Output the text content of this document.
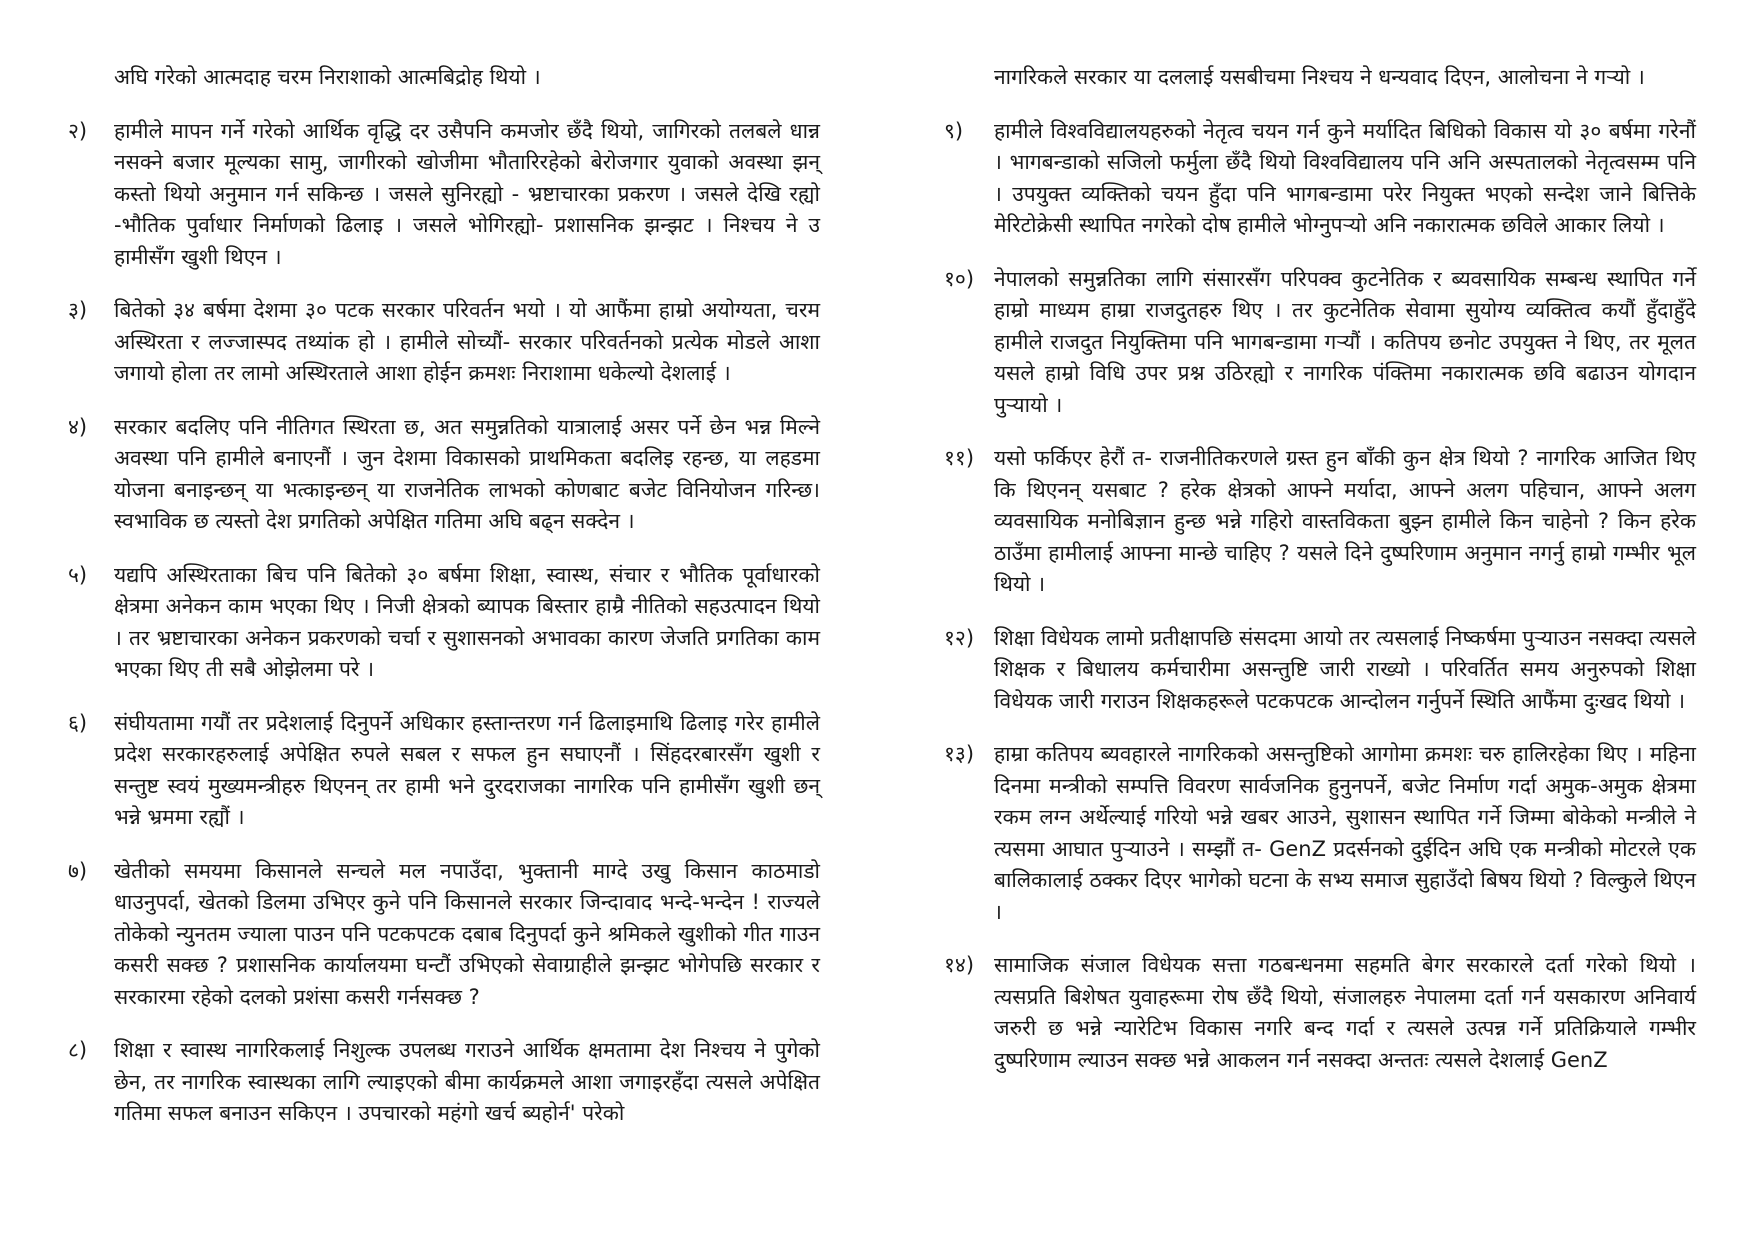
अघि गरेको आत्मदाह चरम निराशाको आत्मबिद्रोह थियो ।
२)	हामीले मापन गर्ने गरेको आर्थिक वृद्धि दर उसैपनि कमजोर छँदै थियो, जागिरको तलबले धान्न नसक्ने बजार मूल्यका सामु, जागीरको खोजीमा भौतारिरहेको बेरोजगार युवाको अवस्था झन् कस्तो थियो अनुमान गर्न सकिन्छ । जसले सुनिरह्यो - भ्रष्टाचारका प्रकरण । जसले देखि रह्यो -भौतिक पुर्वाधार निर्माणको ढिलाइ । जसले भोगिरह्यो- प्रशासनिक झन्झट । निश्चय ने उ हामीसँग खुशी थिएन ।
३)	बितेको ३४ बर्षमा देशमा ३० पटक सरकार परिवर्तन भयो । यो आफैंमा हाम्रो अयोग्यता, चरम अस्थिरता र लज्जास्पद तथ्यांक हो । हामीले सोच्यौं- सरकार परिवर्तनको प्रत्येक मोडले आशा जगायो होला तर लामो अस्थिरताले आशा होईन क्रमशः निराशामा धकेल्यो देशलाई ।
४)	सरकार बदलिए पनि नीतिगत स्थिरता छ, अत समुन्नतिको यात्रालाई असर पर्ने छेन भन्न मिल्ने अवस्था पनि हामीले बनाएनौं । जुन देशमा विकासको प्राथमिकता बदलिइ रहन्छ, या लहडमा योजना बनाइन्छन् या भत्काइन्छन् या राजनेतिक लाभको कोणबाट बजेट विनियोजन गरिन्छ। स्वभाविक छ त्यस्तो देश प्रगतिको अपेक्षित गतिमा अघि बढ्न सक्देन ।
५)	यद्यपि अस्थिरताका बिच पनि बितेको ३० बर्षमा शिक्षा, स्वास्थ, संचार र भौतिक पूर्वाधारको क्षेत्रमा अनेकन काम भएका थिए । निजी क्षेत्रको ब्यापक बिस्तार हाम्रै नीतिको सहउत्पादन थियो । तर भ्रष्टाचारका अनेकन प्रकरणको चर्चा र सुशासनको अभावका कारण जेजति प्रगतिका काम भएका थिए ती सबै ओझेलमा परे ।
६)	संघीयतामा गयौं तर प्रदेशलाई दिनुपर्ने अधिकार हस्तान्तरण गर्न ढिलाइमाथि ढिलाइ गरेर हामीले प्रदेश सरकारहरुलाई अपेक्षित रुपले सबल र सफल हुन सघाएनौं । सिंहदरबारसँग खुशी र सन्तुष्ट स्वयं मुख्यमन्त्रीहरु थिएनन् तर हामी भने दुरदराजका नागरिक पनि हामीसँग खुशी छन् भन्ने भ्रममा रह्यौं ।
७)	खेतीको समयमा किसानले सन्चले मल नपाउँदा, भुक्तानी माग्दे उखु किसान काठमाडो धाउनुपर्दा, खेतको डिलमा उभिएर कुने पनि किसानले सरकार जिन्दावाद भन्दे-भन्देन ! राज्यले तोकेको न्युनतम ज्याला पाउन पनि पटकपटक दबाब दिनुपर्दा कुने श्रमिकले खुशीको गीत गाउन कसरी सक्छ ? प्रशासनिक कार्यालयमा घन्टौं उभिएको सेवाग्राहीले झन्झट भोगेपछि सरकार र सरकारमा रहेको दलको प्रशंसा कसरी गर्नसक्छ ?
८)	शिक्षा र स्वास्थ नागरिकलाई निशुल्क उपलब्ध गराउने आर्थिक क्षमतामा देश निश्चय ने पुगेको छेन, तर नागरिक स्वास्थका लागि ल्याइएको बीमा कार्यक्रमले आशा जगाइरहँदा त्यसले अपेक्षित गतिमा सफल बनाउन सकिएन । उपचारको महंगो खर्च ब्यहोर्न' परेको
नागरिकले सरकार या दललाई यसबीचमा निश्चय ने धन्यवाद दिएन, आलोचना ने गऱ्यो ।
९)	हामीले विश्वविद्यालयहरुको नेतृत्व चयन गर्न कुने मर्यादित बिधिको विकास यो ३० बर्षमा गरेनौं । भागबन्डाको सजिलो फर्मुला छँदै थियो विश्वविद्यालय पनि अनि अस्पतालको नेतृत्वसम्म पनि । उपयुक्त व्यक्तिको चयन हुँदा पनि भागबन्डामा परेर नियुक्त भएको सन्देश जाने बित्तिके मेरिटोक्रेसी स्थापित नगरेको दोष हामीले भोग्नुपऱ्यो अनि नकारात्मक छविले आकार लियो ।
१०) नेपालको समुन्नतिका लागि संसारसँग परिपक्व कुटनेतिक र ब्यवसायिक सम्बन्ध स्थापित गर्ने हाम्रो माध्यम हाम्रा राजदुतहरु थिए । तर कुटनेतिक सेवामा सुयोग्य व्यक्तित्व कयौं हुँदाहुँदे हामीले राजदुत नियुक्तिमा पनि भागबन्डामा गऱ्यौं । कतिपय छनोट उपयुक्त ने थिए, तर मूलत यसले हाम्रो विधि उपर प्रश्न उठिरह्यो र नागरिक पंक्तिमा नकारात्मक छवि बढाउन योगदान पुऱ्यायो ।
११) यसो फर्किएर हेरौं त- राजनीतिकरणले ग्रस्त हुन बाँकी कुन क्षेत्र थियो ? नागरिक आजित थिए कि थिएनन् यसबाट ? हरेक क्षेत्रको आफ्ने मर्यादा, आफ्ने अलग पहिचान, आफ्ने अलग व्यवसायिक मनोबिज्ञान हुन्छ भन्ने गहिरो वास्तविकता बुझ्न हामीले किन चाहेनो ? किन हरेक ठाउँमा हामीलाई आफ्ना मान्छे चाहिए ? यसले दिने दुष्परिणाम अनुमान नगर्नु हाम्रो गम्भीर भूल थियो ।
१२) शिक्षा विधेयक लामो प्रतीक्षापछि संसदमा आयो तर त्यसलाई निष्कर्षमा पुऱ्याउन नसक्दा त्यसले शिक्षक र बिधालय कर्मचारीमा असन्तुष्टि जारी राख्यो । परिवर्तित समय अनुरुपको शिक्षा विधेयक जारी गराउन शिक्षकहरूले पटकपटक आन्दोलन गर्नुपर्ने स्थिति आफैंमा दुःखद थियो ।
१३) हाम्रा कतिपय ब्यवहारले नागरिकको असन्तुष्टिको आगोमा क्रमशः चरु हालिरहेका थिए । महिना दिनमा मन्त्रीको सम्पत्ति विवरण सार्वजनिक हुनुनपर्ने, बजेट निर्माण गर्दा अमुक-अमुक क्षेत्रमा रकम लग्न अर्थेल्याई गरियो भन्ने खबर आउने, सुशासन स्थापित गर्ने जिम्मा बोकेको मन्त्रीले ने त्यसमा आघात पुऱ्याउने । सम्झौं त- GenZ प्रदर्सनको दुईदिन अघि एक मन्त्रीको मोटरले एक बालिकालाई ठक्कर दिएर भागेको घटना के सभ्य समाज सुहाउँदो बिषय थियो ? विल्कुले थिएन ।
१४) सामाजिक संजाल विधेयक सत्ता गठबन्धनमा सहमति बेगर सरकारले दर्ता गरेको थियो । त्यसप्रति बिशेषत युवाहरूमा रोष छँदै थियो, संजालहरु नेपालमा दर्ता गर्न यसकारण अनिवार्य जरुरी छ भन्ने न्यारेटिभ विकास नगरि बन्द गर्दा र त्यसले उत्पन्न गर्ने प्रतिक्रियाले गम्भीर दुष्परिणाम ल्याउन सक्छ भन्ने आकलन गर्न नसक्दा अन्ततः त्यसले देशलाई GenZ
